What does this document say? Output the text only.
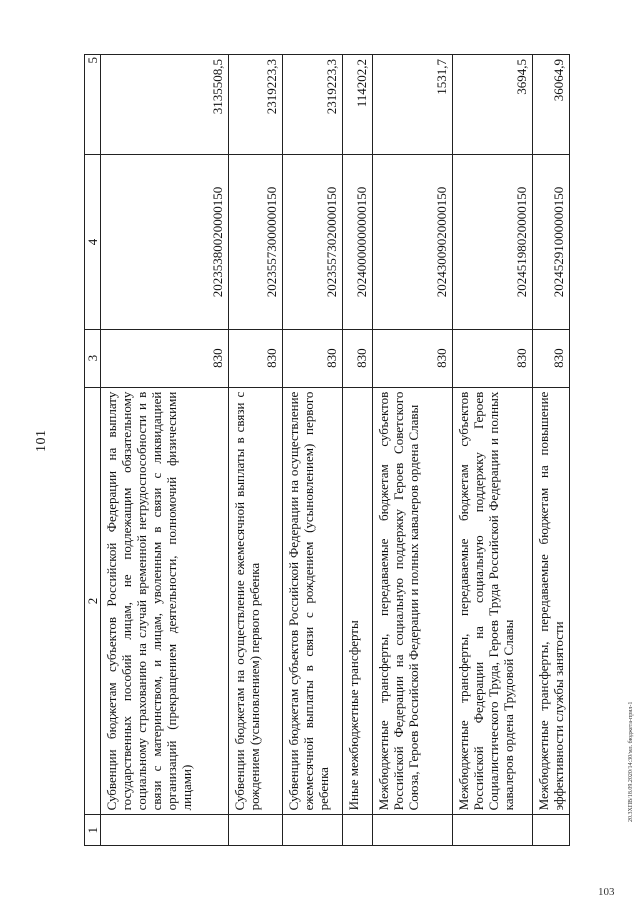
101
20.3ХПВ/18.09.2020/14:30/мл. бюджета-прил-1
103
1	2	3	4	5
	Субвенции бюджетам субъектов Российской Федерации на выплату государственных пособий лицам, не подлежащим обязательному социальному страхованию на случай временной нетрудоспособности и в связи с материнством, и лицам, уволенным в связи с ликвидацией организаций (прекращением деятельности, полномочий физическими лицами)	830	20235380020000150	3135508,5
	Субвенции бюджетам на осуществление ежемесячной выплаты в связи с рождением (усыновлением) первого ребенка	830	20235573000000150	2319223,3
	Субвенции бюджетам субъектов Российской Федерации на осуществление ежемесячной выплаты в связи с рождением (усыновлением) первого ребенка	830	20235573020000150	2319223,3
	Иные межбюджетные трансферты	830	20240000000000150	114202,2
	Межбюджетные трансферты, передаваемые бюджетам субъектов Российской Федерации на социальную поддержку Героев Советского Союза, Героев Российской Федерации и полных кавалеров ордена Славы	830	20243009020000150	1531,7
	Межбюджетные трансферты, передаваемые бюджетам субъектов Российской Федерации на социальную поддержку Героев Социалистического Труда, Героев Труда Российской Федерации и полных кавалеров ордена Трудовой Славы	830	20245198020000150	3694,5
	Межбюджетные трансферты, передаваемые бюджетам на повышение эффективности службы занятости	830	20245291000000150	36064,9
